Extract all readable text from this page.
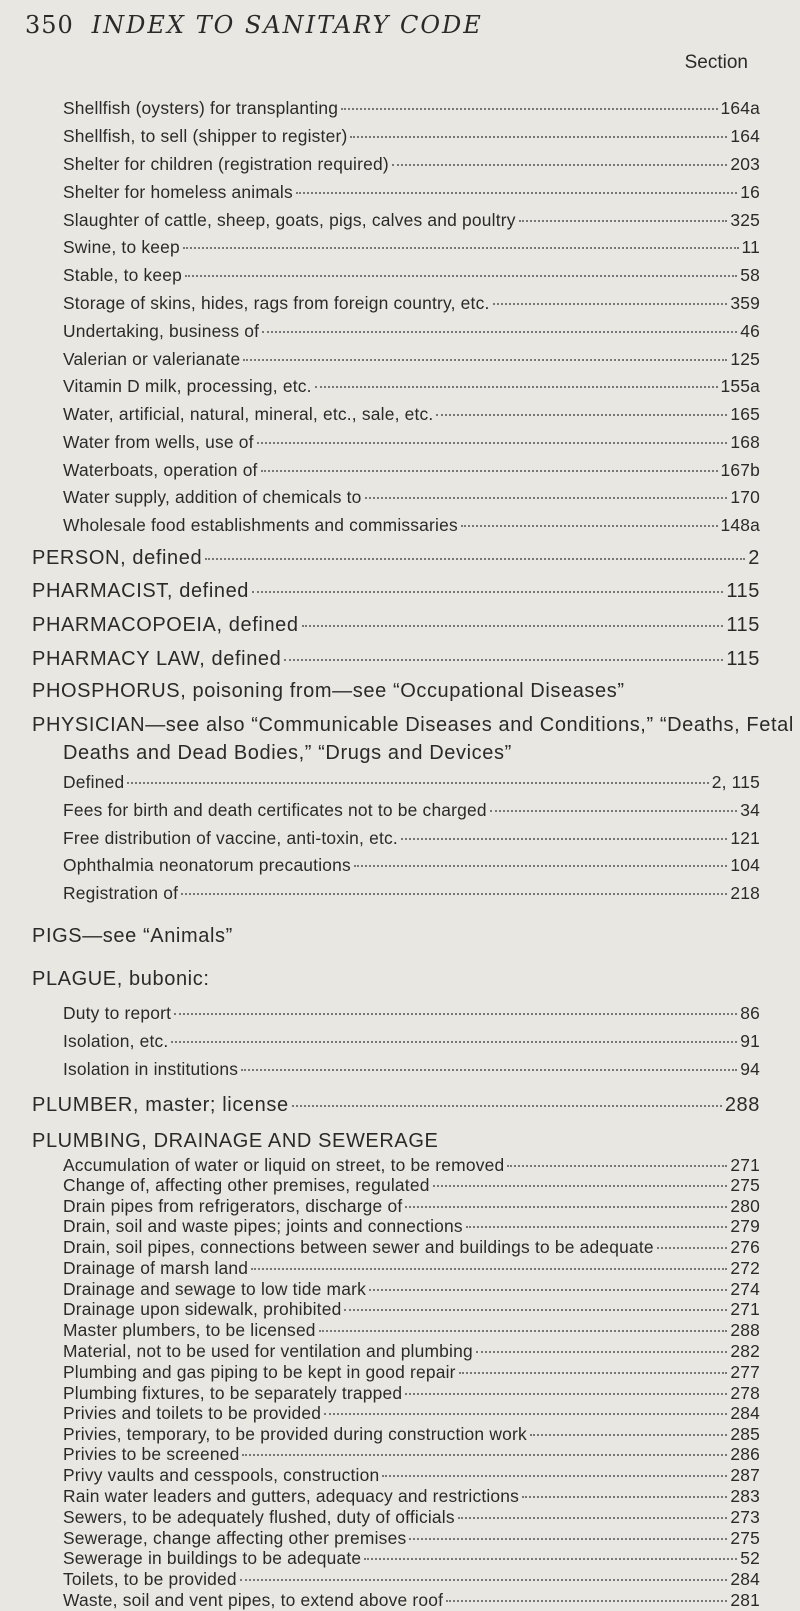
350 INDEX TO SANITARY CODE
Section
Shellfish (oysters) for transplanting	164a
Shellfish, to sell (shipper to register)	164
Shelter for children (registration required)	203
Shelter for homeless animals	16
Slaughter of cattle, sheep, goats, pigs, calves and poultry	325
Swine, to keep	11
Stable, to keep	58
Storage of skins, hides, rags from foreign country, etc.	359
Undertaking, business of	46
Valerian or valerianate	125
Vitamin D milk, processing, etc.	155a
Water, artificial, natural, mineral, etc., sale, etc.	165
Water from wells, use of	168
Waterboats, operation of	167b
Water supply, addition of chemicals to	170
Wholesale food establishments and commissaries	148a
PERSON, defined	2
PHARMACIST, defined	115
PHARMACOPOEIA, defined	115
PHARMACY LAW, defined	115
PHOSPHORUS, poisoning from—see “Occupational Diseases”
PHYSICIAN—see also “Communicable Diseases and Conditions,” “Deaths, Fetal
Deaths and Dead Bodies,” “Drugs and Devices”
Defined	2, 115
Fees for birth and death certificates not to be charged	34
Free distribution of vaccine, anti-toxin, etc.	121
Ophthalmia neonatorum precautions	104
Registration of	218
PIGS—see “Animals”
PLAGUE, bubonic:
Duty to report	86
Isolation, etc.	91
Isolation in institutions	94
PLUMBER, master; license	288
PLUMBING, DRAINAGE AND SEWERAGE
Accumulation of water or liquid on street, to be removed	271
Change of, affecting other premises, regulated	275
Drain pipes from refrigerators, discharge of	280
Drain, soil and waste pipes; joints and connections	279
Drain, soil pipes, connections between sewer and buildings to be adequate	276
Drainage of marsh land	272
Drainage and sewage to low tide mark	274
Drainage upon sidewalk, prohibited	271
Master plumbers, to be licensed	288
Material, not to be used for ventilation and plumbing	282
Plumbing and gas piping to be kept in good repair	277
Plumbing fixtures, to be separately trapped	278
Privies and toilets to be provided	284
Privies, temporary, to be provided during construction work	285
Privies to be screened	286
Privy vaults and cesspools, construction	287
Rain water leaders and gutters, adequacy and restrictions	283
Sewers, to be adequately flushed, duty of officials	273
Sewerage, change affecting other premises	275
Sewerage in buildings to be adequate	52
Toilets, to be provided	284
Waste, soil and vent pipes, to extend above roof	281
